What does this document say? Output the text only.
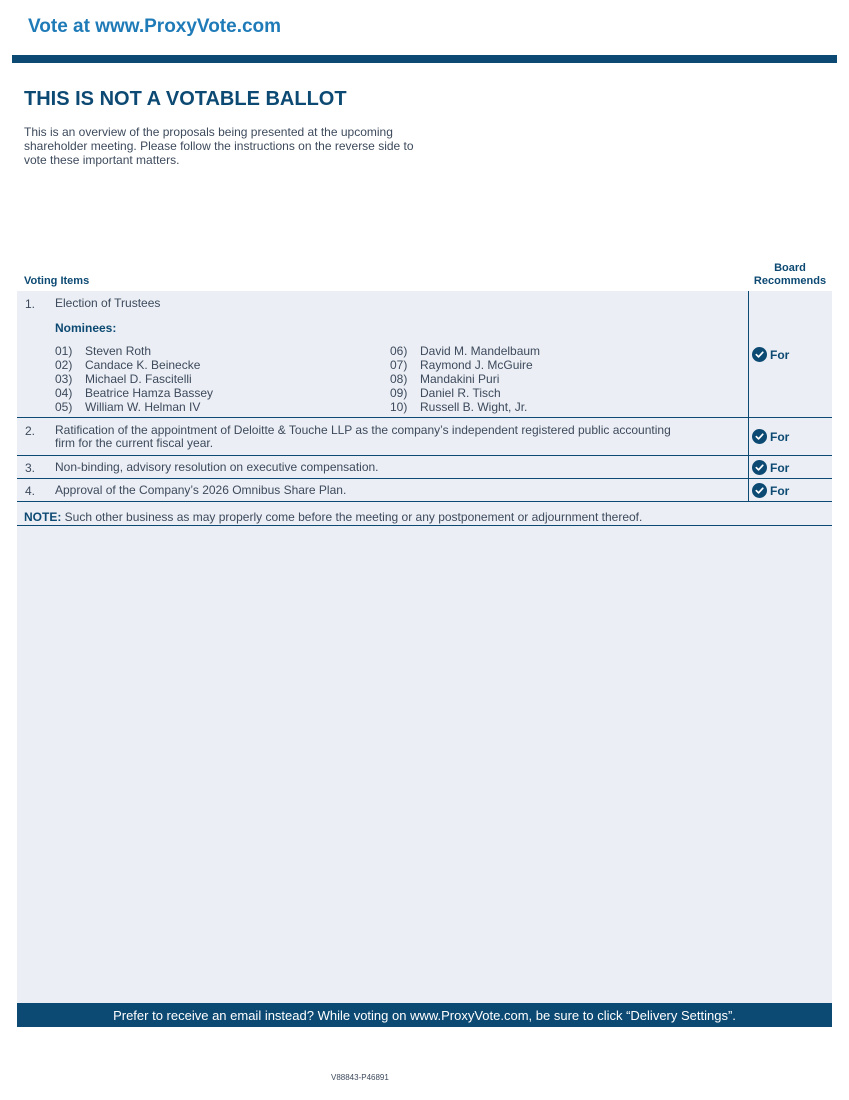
Vote at www.ProxyVote.com
THIS IS NOT A VOTABLE BALLOT

This is an overview of the proposals being presented at the upcoming shareholder meeting. Please follow the instructions on the reverse side to vote these important matters.

Board
Recommends
Voting Items
1. Election of Trustees
Nominees:
01)	Steven Roth
02)	Candace K. Beinecke
03)	Michael D. Fascitelli
04)	Beatrice Hamza Bassey
05)	William W. Helman IV
06)	David M. Mandelbaum
07)	Raymond J. McGuire
08)	Mandakini Puri
09)	Daniel R. Tisch
10)	Russell B. Wight, Jr.
For
2. Ratification of the appointment of Deloitte & Touche LLP as the company’s independent registered public accounting
firm for the current fiscal year.	For
3. Non-binding, advisory resolution on executive compensation.	For
4. Approval of the Company’s 2026 Omnibus Share Plan.	For
NOTE: Such other business as may properly come before the meeting or any postponement or adjournment thereof.
Prefer to receive an email instead? While voting on www.ProxyVote.com, be sure to click “Delivery Settings”.
V88843-P46891
